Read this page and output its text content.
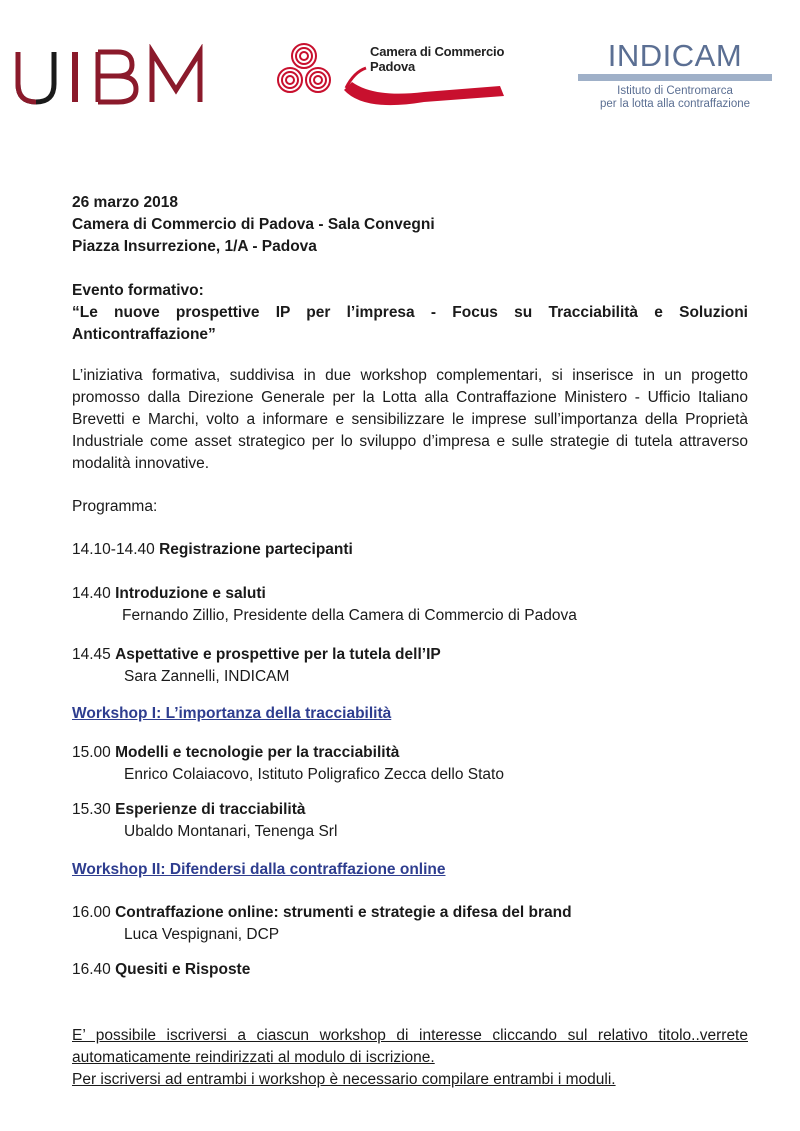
Camera di Commercio
Padova	INDICAM
Istituto di Centromarca
per la lotta alla contraffazione
26 marzo 2018
Camera di Commercio di Padova - Sala Convegni
Piazza Insurrezione, 1/A - Padova
Evento formativo:
“Le nuove prospettive IP per l’impresa - Focus su Tracciabilità e Soluzioni
Anticontraffazione”
L’iniziativa formativa, suddivisa in due workshop complementari, si inserisce in un progetto promosso dalla Direzione Generale per la Lotta alla Contraffazione Ministero - Ufficio Italiano Brevetti e Marchi, volto a informare e sensibilizzare le imprese sull’importanza della Proprietà Industriale come asset strategico per lo sviluppo d’impresa e sulle strategie di tutela attraverso modalità innovative.
Programma:
14.10-14.40 Registrazione partecipanti
14.40 Introduzione e saluti
Fernando Zillio, Presidente della Camera di Commercio di Padova
14.45 Aspettative e prospettive per la tutela dell’IP
Sara Zannelli, INDICAM
Workshop I: L’importanza della tracciabilità
15.00 Modelli e tecnologie per la tracciabilità
Enrico Colaiacovo, Istituto Poligrafico Zecca dello Stato
15.30 Esperienze di tracciabilità
Ubaldo Montanari, Tenenga Srl
Workshop II: Difendersi dalla contraffazione online
16.00 Contraffazione online: strumenti e strategie a difesa del brand
Luca Vespignani, DCP
16.40 Quesiti e Risposte
E’ possibile iscriversi a ciascun workshop di interesse cliccando sul relativo titolo..verrete
automaticamente reindirizzati al modulo di iscrizione.
Per iscriversi ad entrambi i workshop è necessario compilare entrambi i moduli.
